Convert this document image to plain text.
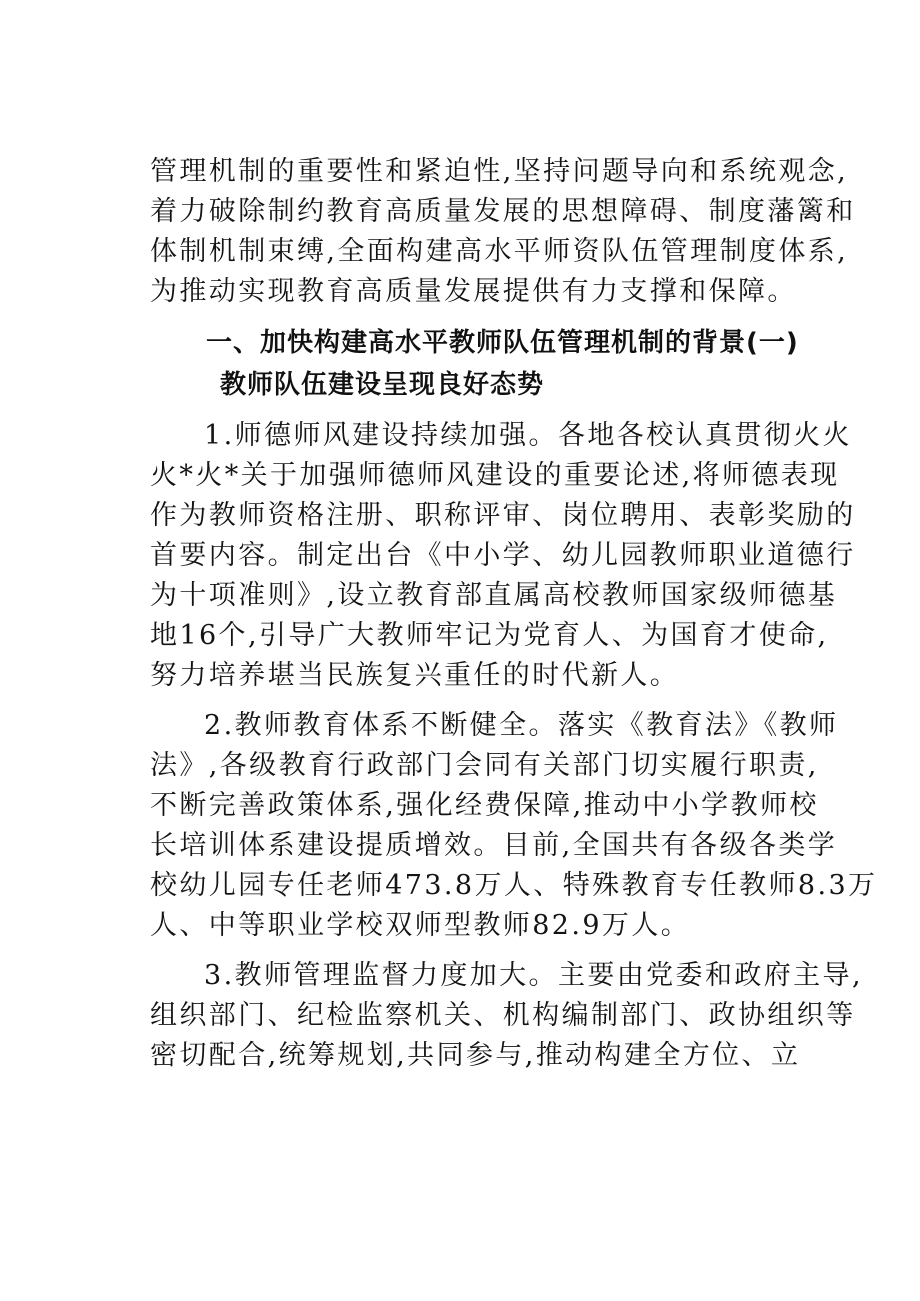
管理机制的重要性和紧迫性,坚持问题导向和系统观念,
着力破除制约教育高质量发展的思想障碍、制度藩篱和
体制机制束缚,全面构建高水平师资队伍管理制度体系,
为推动实现教育高质量发展提供有力支撑和保障。
一、加快构建高水平教师队伍管理机制的背景(一)
教师队伍建设呈现良好态势
1.师德师风建设持续加强。各地各校认真贯彻火火
火*火*关于加强师德师风建设的重要论述,将师德表现
作为教师资格注册、职称评审、岗位聘用、表彰奖励的
首要内容。制定出台《中小学、幼儿园教师职业道德行
为十项准则》,设立教育部直属高校教师国家级师德基
地16个,引导广大教师牢记为党育人、为国育才使命,
努力培养堪当民族复兴重任的时代新人。
2.教师教育体系不断健全。落实《教育法》《教师
法》,各级教育行政部门会同有关部门切实履行职责,
不断完善政策体系,强化经费保障,推动中小学教师校
长培训体系建设提质增效。目前,全国共有各级各类学
校幼儿园专任老师473.8万人、特殊教育专任教师8.3万
人、中等职业学校双师型教师82.9万人。
3.教师管理监督力度加大。主要由党委和政府主导,
组织部门、纪检监察机关、机构编制部门、政协组织等
密切配合,统筹规划,共同参与,推动构建全方位、立
